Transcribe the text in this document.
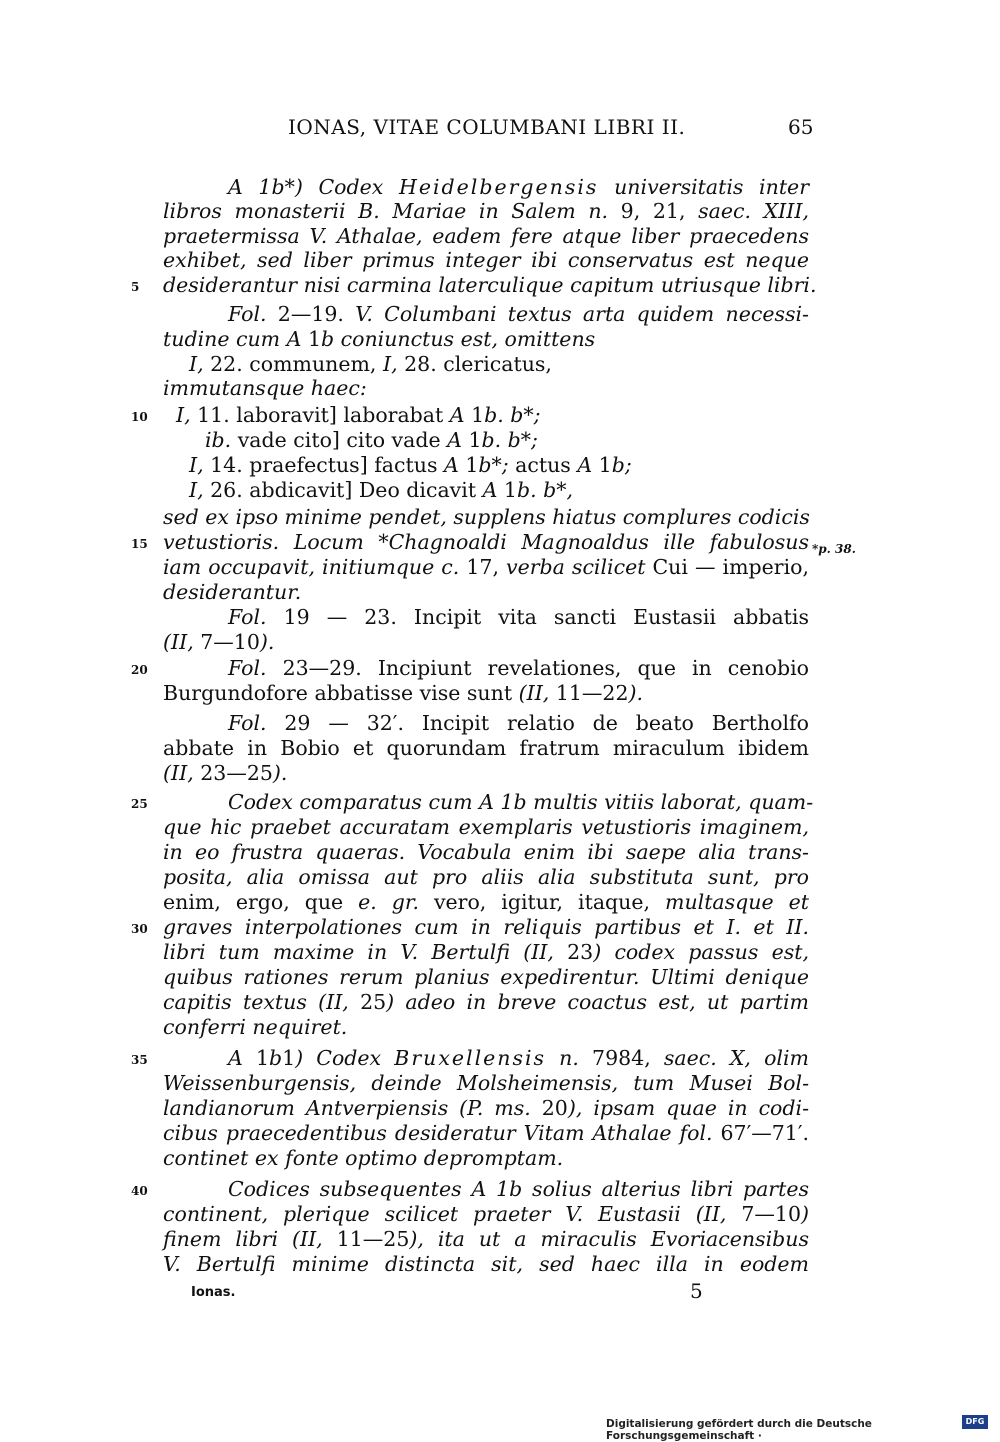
IONAS, VITAE COLUMBANI LIBRI II.	65
A 1b*) Codex Heidelbergensis universitatis inter
libros monasterii B. Mariae in Salem n. 9, 21, saec. XIII,
praetermissa V. Athalae, eadem fere atque liber praecedens
exhibet, sed liber primus integer ibi conservatus est neque
desiderantur nisi carmina laterculique capitum utriusque libri.
Fol. 2—19. V. Columbani textus arta quidem necessi-
tudine cum A 1b coniunctus est, omittens
I, 22. communem, I, 28. clericatus,
immutansque haec:
I, 11. laboravit] laborabat A 1b. b*;
ib. vade cito] cito vade A 1b. b*;
I, 14. praefectus] factus A 1b*; actus A 1b;
I, 26. abdicavit] Deo dicavit A 1b. b*,
sed ex ipso minime pendet, supplens hiatus complures codicis
vetustioris. Locum *Chagnoaldi Magnoaldus ille fabulosus
iam occupavit, initiumque c. 17, verba scilicet Cui — imperio,
desiderantur.
Fol. 19 — 23. Incipit vita sancti Eustasii abbatis
(II, 7—10).
Fol. 23—29. Incipiunt revelationes, que in cenobio
Burgundofore abbatisse vise sunt (II, 11—22).
Fol. 29 — 32′. Incipit relatio de beato Bertholfo
abbate in Bobio et quorundam fratrum miraculum ibidem
(II, 23—25).
Codex comparatus cum A 1b multis vitiis laborat, quam-
que hic praebet accuratam exemplaris vetustioris imaginem,
in eo frustra quaeras. Vocabula enim ibi saepe alia trans-
posita, alia omissa aut pro aliis alia substituta sunt, pro
enim, ergo, que e. gr. vero, igitur, itaque, multasque et
graves interpolationes cum in reliquis partibus et I. et II.
libri tum maxime in V. Bertulfi (II, 23) codex passus est,
quibus rationes rerum planius expedirentur. Ultimi denique
capitis textus (II, 25) adeo in breve coactus est, ut partim
conferri nequiret.
A 1b1) Codex Bruxellensis n. 7984, saec. X, olim
Weissenburgensis, deinde Molsheimensis, tum Musei Bol-
landianorum Antverpiensis (P. ms. 20), ipsam quae in codi-
cibus praecedentibus desideratur Vitam Athalae fol. 67′—71′.
continet ex fonte optimo depromptam.
Codices subsequentes A 1b solius alterius libri partes
continent, plerique scilicet praeter V. Eustasii (II, 7—10)
finem libri (II, 11—25), ita ut a miraculis Evoriacensibus
V. Bertulfi minime distincta sit, sed haec illa in eodem
5
10
15
20
25
30
35
40
*p. 38.
Ionas.	5
Digitalisierung gefördert durch die Deutsche Forschungsgemeinschaft ·
DFG
